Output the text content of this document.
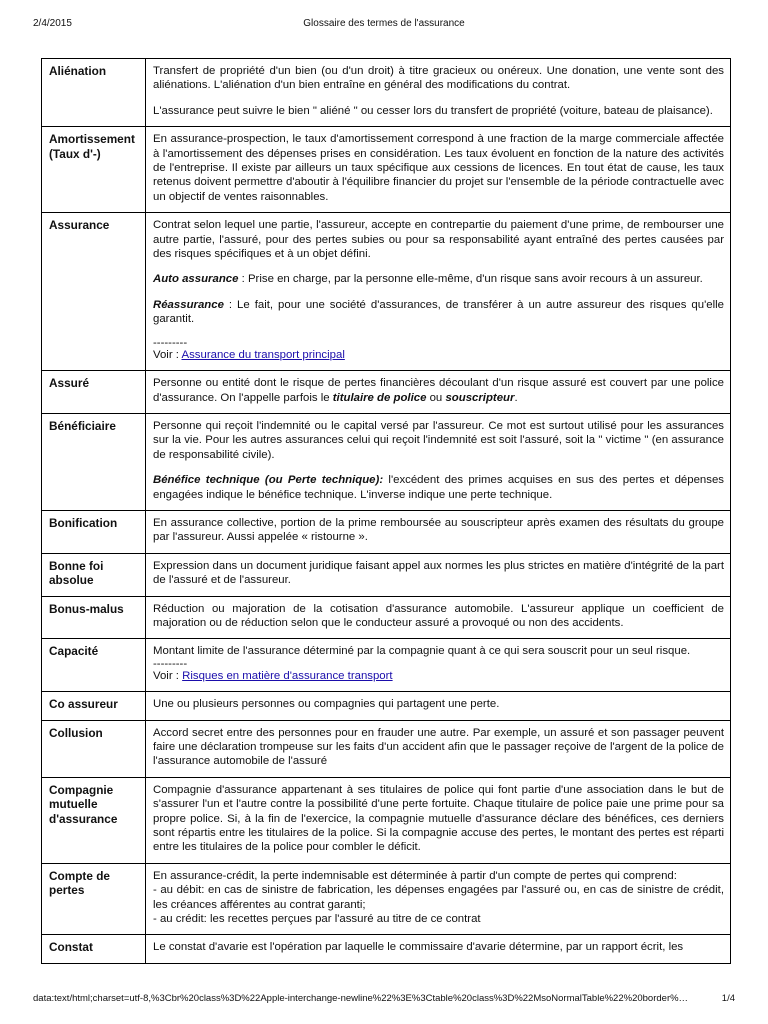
2/4/2015	Glossaire des termes de l'assurance
Aliénation	Transfert de propriété d'un bien (ou d'un droit) à titre gracieux ou onéreux. Une donation, une vente sont des aliénations. L'aliénation d'un bien entraîne en général des modifications du contrat.

L'assurance peut suivre le bien " aliéné " ou cesser lors du transfert de propriété (voiture, bateau de plaisance).

Amortissement (Taux d'-)	En assurance-prospection, le taux d'amortissement correspond à une fraction de la marge commerciale affectée à l'amortissement des dépenses prises en considération. Les taux évoluent en fonction de la nature des activités de l'entreprise. Il existe par ailleurs un taux spécifique aux cessions de licences. En tout état de cause, les taux retenus doivent permettre d'aboutir à l'équilibre financier du projet sur l'ensemble de la période contractuelle avec un objectif de ventes raisonnables.

Assurance	Contrat selon lequel une partie, l'assureur, accepte en contrepartie du paiement d'une prime, de rembourser une autre partie, l'assuré, pour des pertes subies ou pour sa responsabilité ayant entraîné des pertes causées par des risques spécifiques et à un objet défini.

Auto assurance : Prise en charge, par la personne elle-même, d'un risque sans avoir recours à un assureur.

Réassurance : Le fait, pour une société d'assurances, de transférer à un autre assureur des risques qu'elle garantit.

---------
Voir : Assurance du transport principal

Assuré	Personne ou entité dont le risque de pertes financières découlant d'un risque assuré est couvert par une police d'assurance. On l'appelle parfois le titulaire de police ou souscripteur.
Bénéficiaire	Personne qui reçoit l'indemnité ou le capital versé par l'assureur. Ce mot est surtout utilisé pour les assurances sur la vie. Pour les autres assurances celui qui reçoit l'indemnité est soit l'assuré, soit la " victime " (en assurance de responsabilité civile).

Bénéfice technique (ou Perte technique): l'excédent des primes acquises en sus des pertes et dépenses engagées indique le bénéfice technique. L'inverse indique une perte technique.

Bonification	En assurance collective, portion de la prime remboursée au souscripteur après examen des résultats du groupe par l'assureur. Aussi appelée « ristourne ».

Bonne foi absolue	Expression dans un document juridique faisant appel aux normes les plus strictes en matière d'intégrité de la part de l'assuré et de l'assureur.

Bonus-malus	Réduction ou majoration de la cotisation d'assurance automobile. L'assureur applique un coefficient de majoration ou de réduction selon que le conducteur assuré a provoqué ou non des accidents.

Capacité	Montant limite de l'assurance déterminé par la compagnie quant à ce qui sera souscrit pour un seul risque.
---------
Voir : Risques en matière d'assurance transport

Co assureur	Une ou plusieurs personnes ou compagnies qui partagent une perte.

Collusion	Accord secret entre des personnes pour en frauder une autre. Par exemple, un assuré et son passager peuvent faire une déclaration trompeuse sur les faits d'un accident afin que le passager reçoive de l'argent de la police de l'assurance automobile de l'assuré

Compagnie mutuelle d'assurance	Compagnie d'assurance appartenant à ses titulaires de police qui font partie d'une association dans le but de s'assurer l'un et l'autre contre la possibilité d'une perte fortuite. Chaque titulaire de police paie une prime pour sa propre police. Si, à la fin de l'exercice, la compagnie mutuelle d'assurance déclare des bénéfices, ces derniers sont répartis entre les titulaires de la police. Si la compagnie accuse des pertes, le montant des pertes est réparti entre les titulaires de la police pour combler le déficit.

Compte de pertes	En assurance-crédit, la perte indemnisable est déterminée à partir d'un compte de pertes qui comprend:
- au débit: en cas de sinistre de fabrication, les dépenses engagées par l'assuré ou, en cas de sinistre de crédit, les créances afférentes au contrat garanti;
- au crédit: les recettes perçues par l'assuré au titre de ce contrat

Constat	Le constat d'avarie est l'opération par laquelle le commissaire d'avarie détermine, par un rapport écrit, les

data:text/html;charset=utf-8,%3Cbr%20class%3D%22Apple-interchange-newline%22%3E%3Ctable%20class%3D%22MsoNormalTable%22%20border%…	1/4
